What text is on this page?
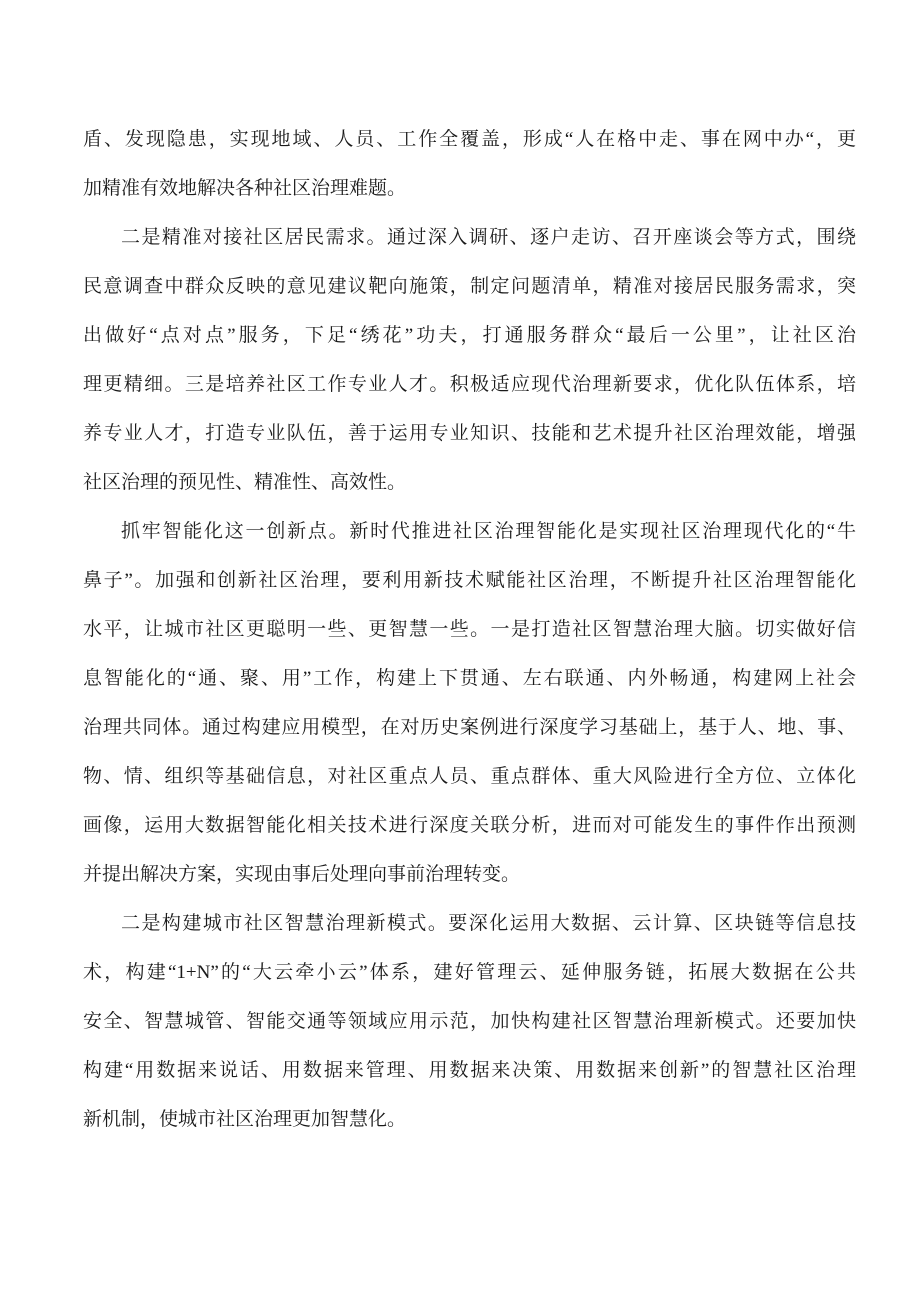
盾、发现隐患，实现地域、人员、工作全覆盖，形成“人在格中走、事在网中办“，更
加精准有效地解决各种社区治理难题。
二是精准对接社区居民需求。通过深入调研、逐户走访、召开座谈会等方式，围绕
民意调查中群众反映的意见建议靶向施策，制定问题清单，精准对接居民服务需求，突
出做好“点对点”服务，下足“绣花”功夫，打通服务群众“最后一公里”，让社区治
理更精细。三是培养社区工作专业人才。积极适应现代治理新要求，优化队伍体系，培
养专业人才，打造专业队伍，善于运用专业知识、技能和艺术提升社区治理效能，增强
社区治理的预见性、精准性、高效性。
抓牢智能化这一创新点。新时代推进社区治理智能化是实现社区治理现代化的“牛
鼻子”。加强和创新社区治理，要利用新技术赋能社区治理，不断提升社区治理智能化
水平，让城市社区更聪明一些、更智慧一些。一是打造社区智慧治理大脑。切实做好信
息智能化的“通、聚、用”工作，构建上下贯通、左右联通、内外畅通，构建网上社会
治理共同体。通过构建应用模型，在对历史案例进行深度学习基础上，基于人、地、事、
物、情、组织等基础信息，对社区重点人员、重点群体、重大风险进行全方位、立体化
画像，运用大数据智能化相关技术进行深度关联分析，进而对可能发生的事件作出预测
并提出解决方案，实现由事后处理向事前治理转变。
二是构建城市社区智慧治理新模式。要深化运用大数据、云计算、区块链等信息技
术，构建“1+N”的“大云牵小云”体系，建好管理云、延伸服务链，拓展大数据在公共
安全、智慧城管、智能交通等领域应用示范，加快构建社区智慧治理新模式。还要加快
构建“用数据来说话、用数据来管理、用数据来决策、用数据来创新”的智慧社区治理
新机制，使城市社区治理更加智慧化。
